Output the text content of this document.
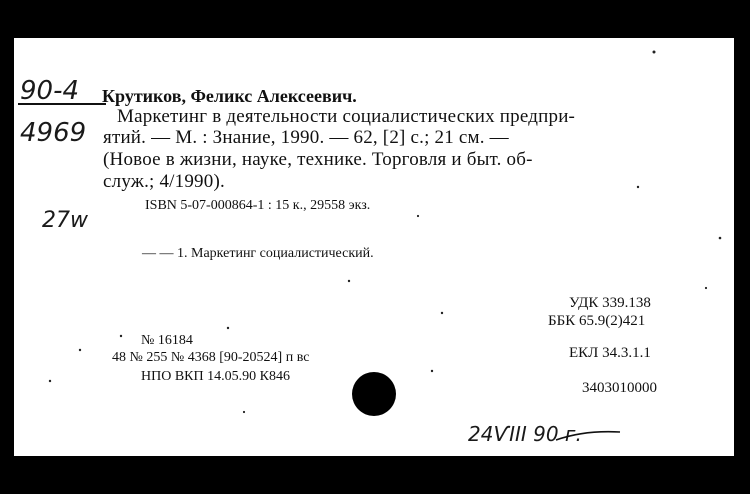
90-4
4969
27w
Крутиков, Феликс Алексеевич.
Маркетинг в деятельности социалистических предпри-
ятий. — М. : Знание, 1990. — 62, [2] с.; 21 см. —
(Новое в жизни, науке, технике. Торговля и быт. об-
служ.; 4/1990).
ISBN 5-07-000864-1 : 15 к., 29558 экз.
— — 1. Маркетинг социалистический.
УДК 339.138
ББК 65.9(2)421
ЕКЛ 34.3.1.1
3403010000
№ 16184
48 № 255 № 4368 [90-20524] п вс
НПО ВКП 14.05.90 К846
24ѴIII 90 г.
